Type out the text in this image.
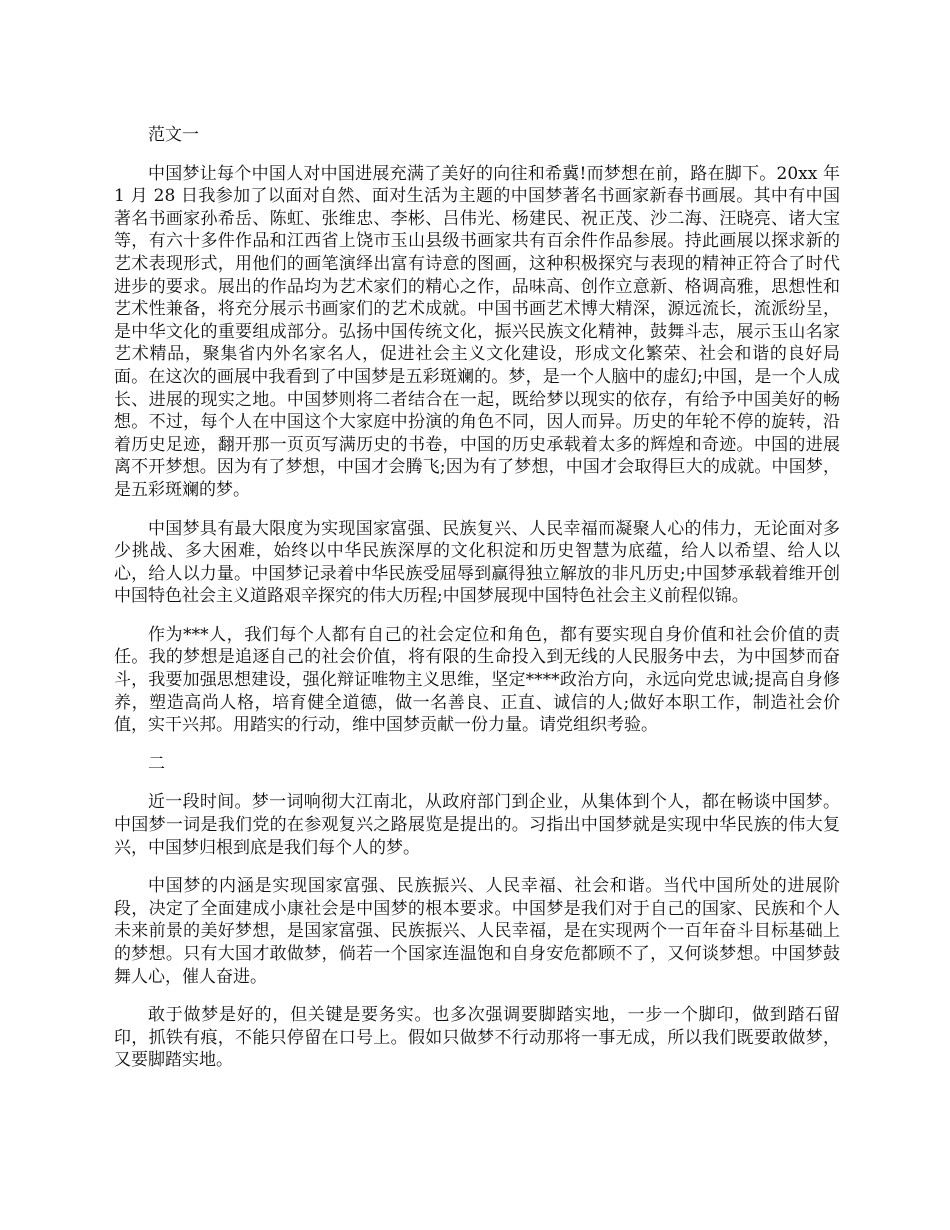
范文一

中国梦让每个中国人对中国进展充满了美好的向往和希冀!而梦想在前，路在脚下。20xx 年 1 月 28 日我参加了以面对自然、面对生活为主题的中国梦著名书画家新春书画展。其中有中国著名书画家孙希岳、陈虹、张维忠、李彬、吕伟光、杨建民、祝正茂、沙二海、汪晓亮、诸大宝等，有六十多件作品和江西省上饶市玉山县级书画家共有百余件作品参展。持此画展以探求新的艺术表现形式，用他们的画笔演绎出富有诗意的图画，这种积极探究与表现的精神正符合了时代进步的要求。展出的作品均为艺术家们的精心之作，品味高、创作立意新、格调高雅，思想性和艺术性兼备，将充分展示书画家们的艺术成就。中国书画艺术博大精深，源远流长，流派纷呈，是中华文化的重要组成部分。弘扬中国传统文化，振兴民族文化精神，鼓舞斗志，展示玉山名家艺术精品，聚集省内外名家名人，促进社会主义文化建设，形成文化繁荣、社会和谐的良好局面。在这次的画展中我看到了中国梦是五彩斑斓的。梦，是一个人脑中的虚幻;中国，是一个人成长、进展的现实之地。中国梦则将二者结合在一起，既给梦以现实的依存，有给予中国美好的畅想。不过，每个人在中国这个大家庭中扮演的角色不同，因人而异。历史的年轮不停的旋转，沿着历史足迹，翻开那一页页写满历史的书卷，中国的历史承载着太多的辉煌和奇迹。中国的进展离不开梦想。因为有了梦想，中国才会腾飞;因为有了梦想，中国才会取得巨大的成就。中国梦，是五彩斑斓的梦。

中国梦具有最大限度为实现国家富强、民族复兴、人民幸福而凝聚人心的伟力，无论面对多少挑战、多大困难，始终以中华民族深厚的文化积淀和历史智慧为底蕴，给人以希望、给人以心，给人以力量。中国梦记录着中华民族受屈辱到赢得独立解放的非凡历史;中国梦承载着维开创中国特色社会主义道路艰辛探究的伟大历程;中国梦展现中国特色社会主义前程似锦。

作为***人，我们每个人都有自己的社会定位和角色，都有要实现自身价值和社会价值的责任。我的梦想是追逐自己的社会价值，将有限的生命投入到无线的人民服务中去，为中国梦而奋斗，我要加强思想建设，强化辩证唯物主义思维，坚定****政治方向，永远向党忠诚;提高自身修养，塑造高尚人格，培育健全道德，做一名善良、正直、诚信的人;做好本职工作，制造社会价值，实干兴邦。用踏实的行动，维中国梦贡献一份力量。请党组织考验。

二

近一段时间。梦一词响彻大江南北，从政府部门到企业，从集体到个人，都在畅谈中国梦。中国梦一词是我们党的在参观复兴之路展览是提出的。习指出中国梦就是实现中华民族的伟大复兴，中国梦归根到底是我们每个人的梦。

中国梦的内涵是实现国家富强、民族振兴、人民幸福、社会和谐。当代中国所处的进展阶段，决定了全面建成小康社会是中国梦的根本要求。中国梦是我们对于自己的国家、民族和个人未来前景的美好梦想，是国家富强、民族振兴、人民幸福，是在实现两个一百年奋斗目标基础上的梦想。只有大国才敢做梦，倘若一个国家连温饱和自身安危都顾不了，又何谈梦想。中国梦鼓舞人心，催人奋进。

敢于做梦是好的，但关键是要务实。也多次强调要脚踏实地，一步一个脚印，做到踏石留印，抓铁有痕，不能只停留在口号上。假如只做梦不行动那将一事无成，所以我们既要敢做梦，又要脚踏实地。
